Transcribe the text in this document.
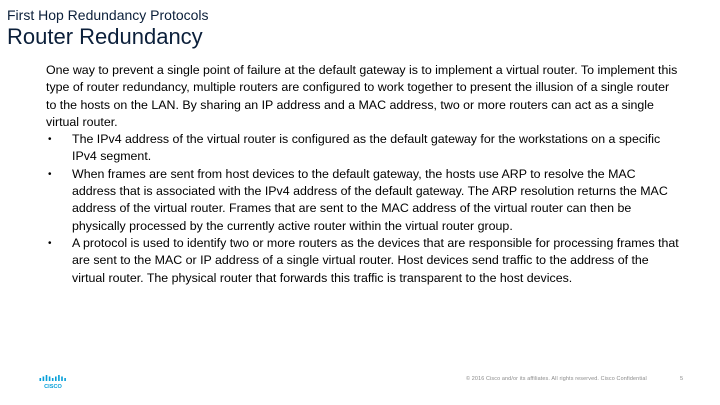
First Hop Redundancy Protocols
Router Redundancy

One way to prevent a single point of failure at the default gateway is to implement a virtual router. To implement this type of router redundancy, multiple routers are configured to work together to present the illusion of a single router to the hosts on the LAN. By sharing an IP address and a MAC address, two or more routers can act as a single virtual router.

•	The IPv4 address of the virtual router is configured as the default gateway for the workstations on a specific IPv4 segment.
•	When frames are sent from host devices to the default gateway, the hosts use ARP to resolve the MAC address that is associated with the IPv4 address of the default gateway. The ARP resolution returns the MAC address of the virtual router. Frames that are sent to the MAC address of the virtual router can then be physically processed by the currently active router within the virtual router group.
•	A protocol is used to identify two or more routers as the devices that are responsible for processing frames that are sent to the MAC or IP address of a single virtual router. Host devices send traffic to the address of the virtual router. The physical router that forwards this traffic is transparent to the host devices.
CISCO
© 2016 Cisco and/or its affiliates. All rights reserved. Cisco Confidential	5
